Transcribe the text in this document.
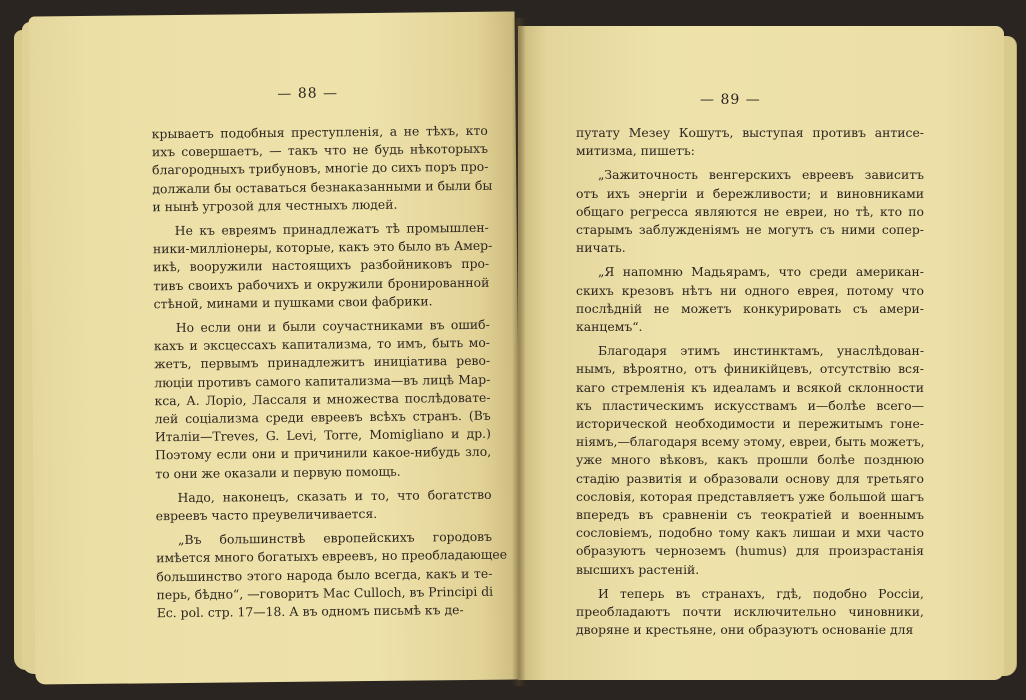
— 88 —
крываетъ подобныя преступленія, а не тѣхъ, кто
ихъ совершаетъ, — такъ что не будь нѣкоторыхъ
благородныхъ трибуновъ, многіе до сихъ поръ про-
должали бы оставаться безнаказанными и были бы
и нынѣ угрозой для честныхъ людей.
Не къ евреямъ принадлежатъ тѣ промышлен-
ники-милліонеры, которые, какъ это было въ Амер-
икѣ, вооружили настоящихъ разбойниковъ про-
тивъ своихъ рабочихъ и окружили бронированной
стѣной, минами и пушками свои фабрики.
Но если они и были соучастниками въ ошиб-
кахъ и эксцессахъ капитализма, то имъ, быть мо-
жетъ, первымъ принадлежитъ иниціатива рево-
люціи противъ самого капитализма—въ лицѣ Мар-
кса, А. Лоріо, Лассаля и множества послѣдовате-
лей соціализма среди евреевъ всѣхъ странъ. (Въ
Италіи—Treves, G. Levi, Torre, Momigliano и др.)
Поэтому если они и причинили какое-нибудь зло,
то они же оказали и первую помощь.
Надо, наконецъ, сказать и то, что богатство
евреевъ часто преувеличивается.
„Въ большинствѣ европейскихъ городовъ
имѣется много богатыхъ евреевъ, но преобладающее
большинство этого народа было всегда, какъ и те-
перь, бѣдно“, —говоритъ Mac Culloch, въ Principi di
Ec. pol. стр. 17—18. А въ одномъ письмѣ къ де-
— 89 —
путату Мезеу Кошутъ, выступая противъ антисе-
митизма, пишетъ:
„Зажиточность венгерскихъ евреевъ зависитъ
отъ ихъ энергіи и бережливости; и виновниками
общаго регресса являются не евреи, но тѣ, кто по
старымъ заблужденіямъ не могутъ съ ними сопер-
ничать.
„Я напомню Мадьярамъ, что среди американ-
скихъ крезовъ нѣтъ ни одного еврея, потому что
послѣдній не можетъ конкурировать съ амери-
канцемъ“.
Благодаря этимъ инстинктамъ, унаслѣдован-
нымъ, вѣроятно, отъ финикійцевъ, отсутствію вся-
каго стремленія къ идеаламъ и всякой склонности
къ пластическимъ искусствамъ и—болѣе всего—
исторической необходимости и пережитымъ гоне-
ніямъ,—благодаря всему этому, евреи, быть можетъ,
уже много вѣковъ, какъ прошли болѣе позднюю
стадію развитія и образовали основу для третьяго
сословія, которая представляетъ уже большой шагъ
впередъ въ сравненіи съ теократіей и военнымъ
сословіемъ, подобно тому какъ лишаи и мхи часто
образуютъ черноземъ (humus) для произрастанія
высшихъ растеній.
И теперь въ странахъ, гдѣ, подобно Россіи,
преобладаютъ почти исключительно чиновники,
дворяне и крестьяне, они образуютъ основаніе для
